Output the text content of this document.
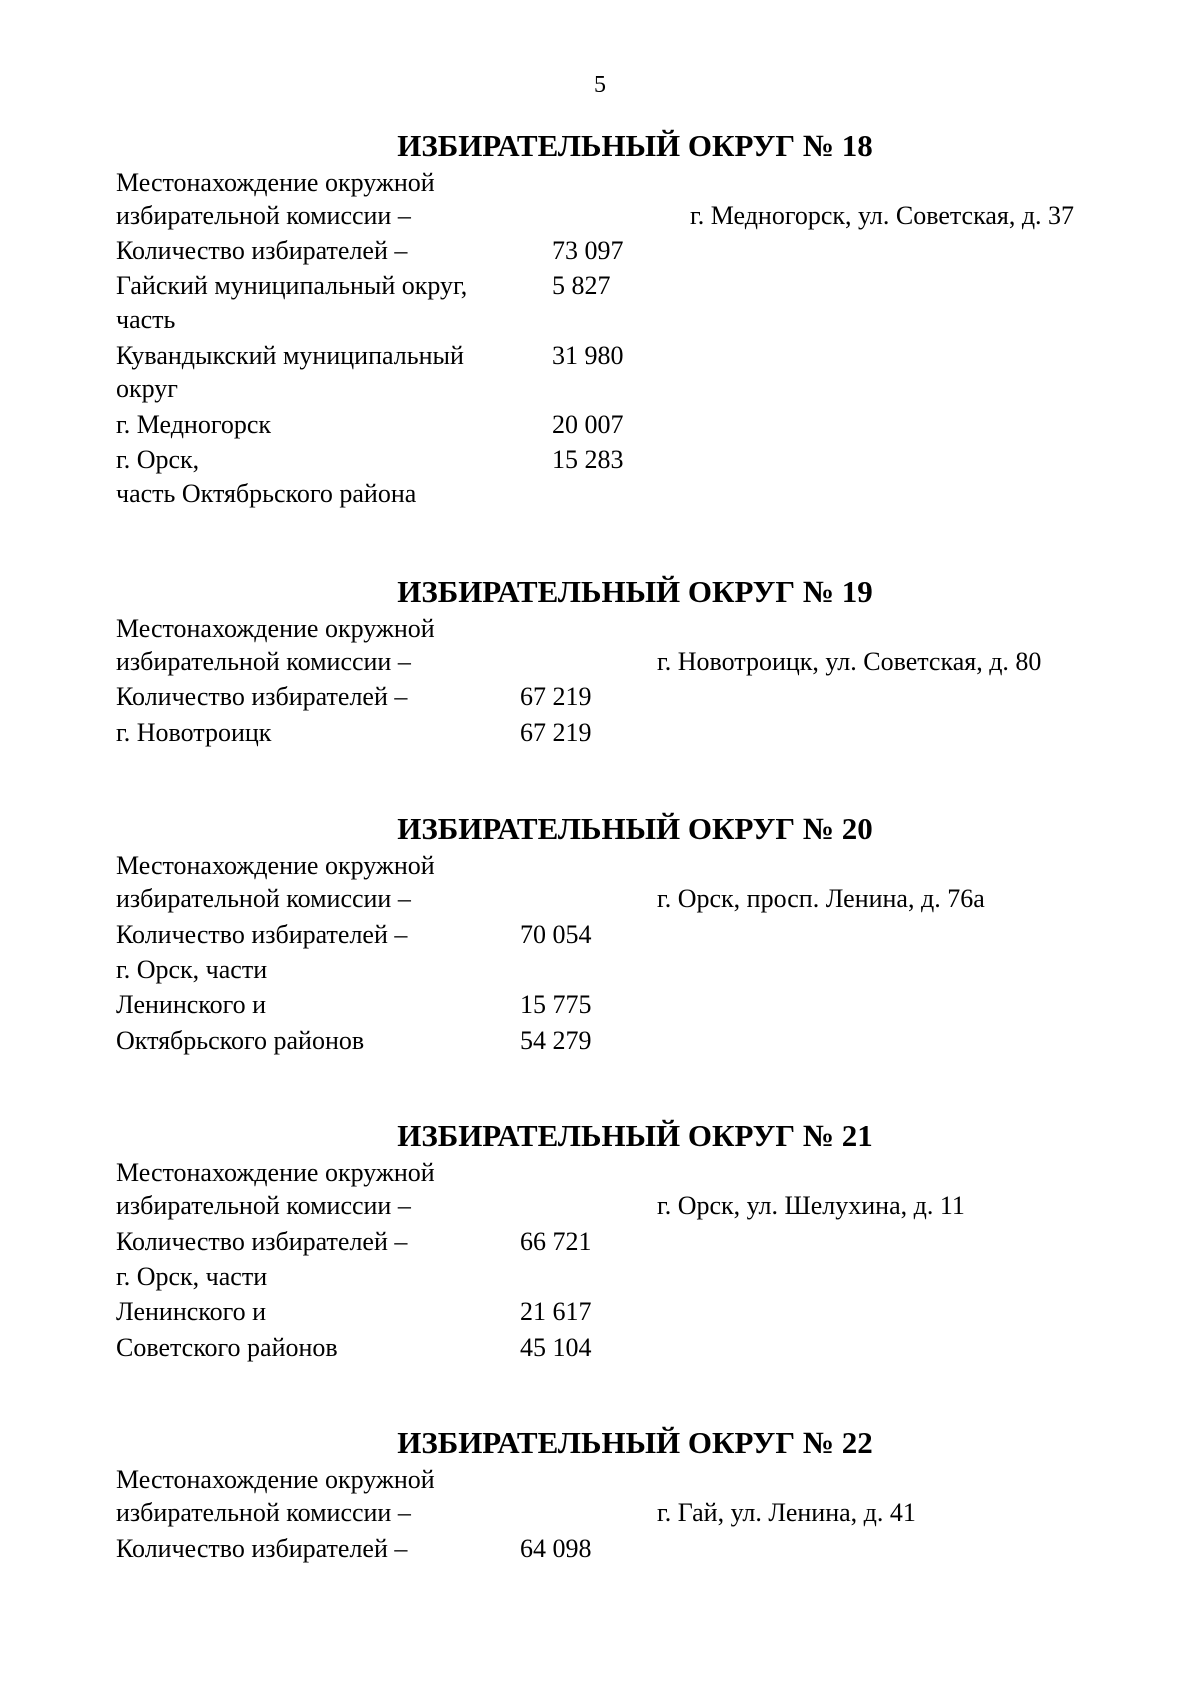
5
ИЗБИРАТЕЛЬНЫЙ ОКРУГ № 18
Местонахождение окружной
избирательной комиссии –	г. Медногорск, ул. Советская, д. 37
Количество избирателей –	73 097
Гайский муниципальный округ,	5 827
часть
Кувандыкский муниципальный	31 980
округ
г. Медногорск	20 007
г. Орск,	15 283
часть Октябрьского района
ИЗБИРАТЕЛЬНЫЙ ОКРУГ № 19
Местонахождение окружной
избирательной комиссии –	г. Новотроицк, ул. Советская, д. 80
Количество избирателей –	67 219
г. Новотроицк	67 219
ИЗБИРАТЕЛЬНЫЙ ОКРУГ № 20
Местонахождение окружной
избирательной комиссии –	г. Орск, просп. Ленина, д. 76а
Количество избирателей –	70 054
г. Орск, части
Ленинского и	15 775
Октябрьского районов	54 279
ИЗБИРАТЕЛЬНЫЙ ОКРУГ № 21
Местонахождение окружной
избирательной комиссии –	г. Орск, ул. Шелухина, д. 11
Количество избирателей –	66 721
г. Орск, части
Ленинского и	21 617
Советского районов	45 104
ИЗБИРАТЕЛЬНЫЙ ОКРУГ № 22
Местонахождение окружной
избирательной комиссии –	г. Гай, ул. Ленина, д. 41
Количество избирателей –	64 098
